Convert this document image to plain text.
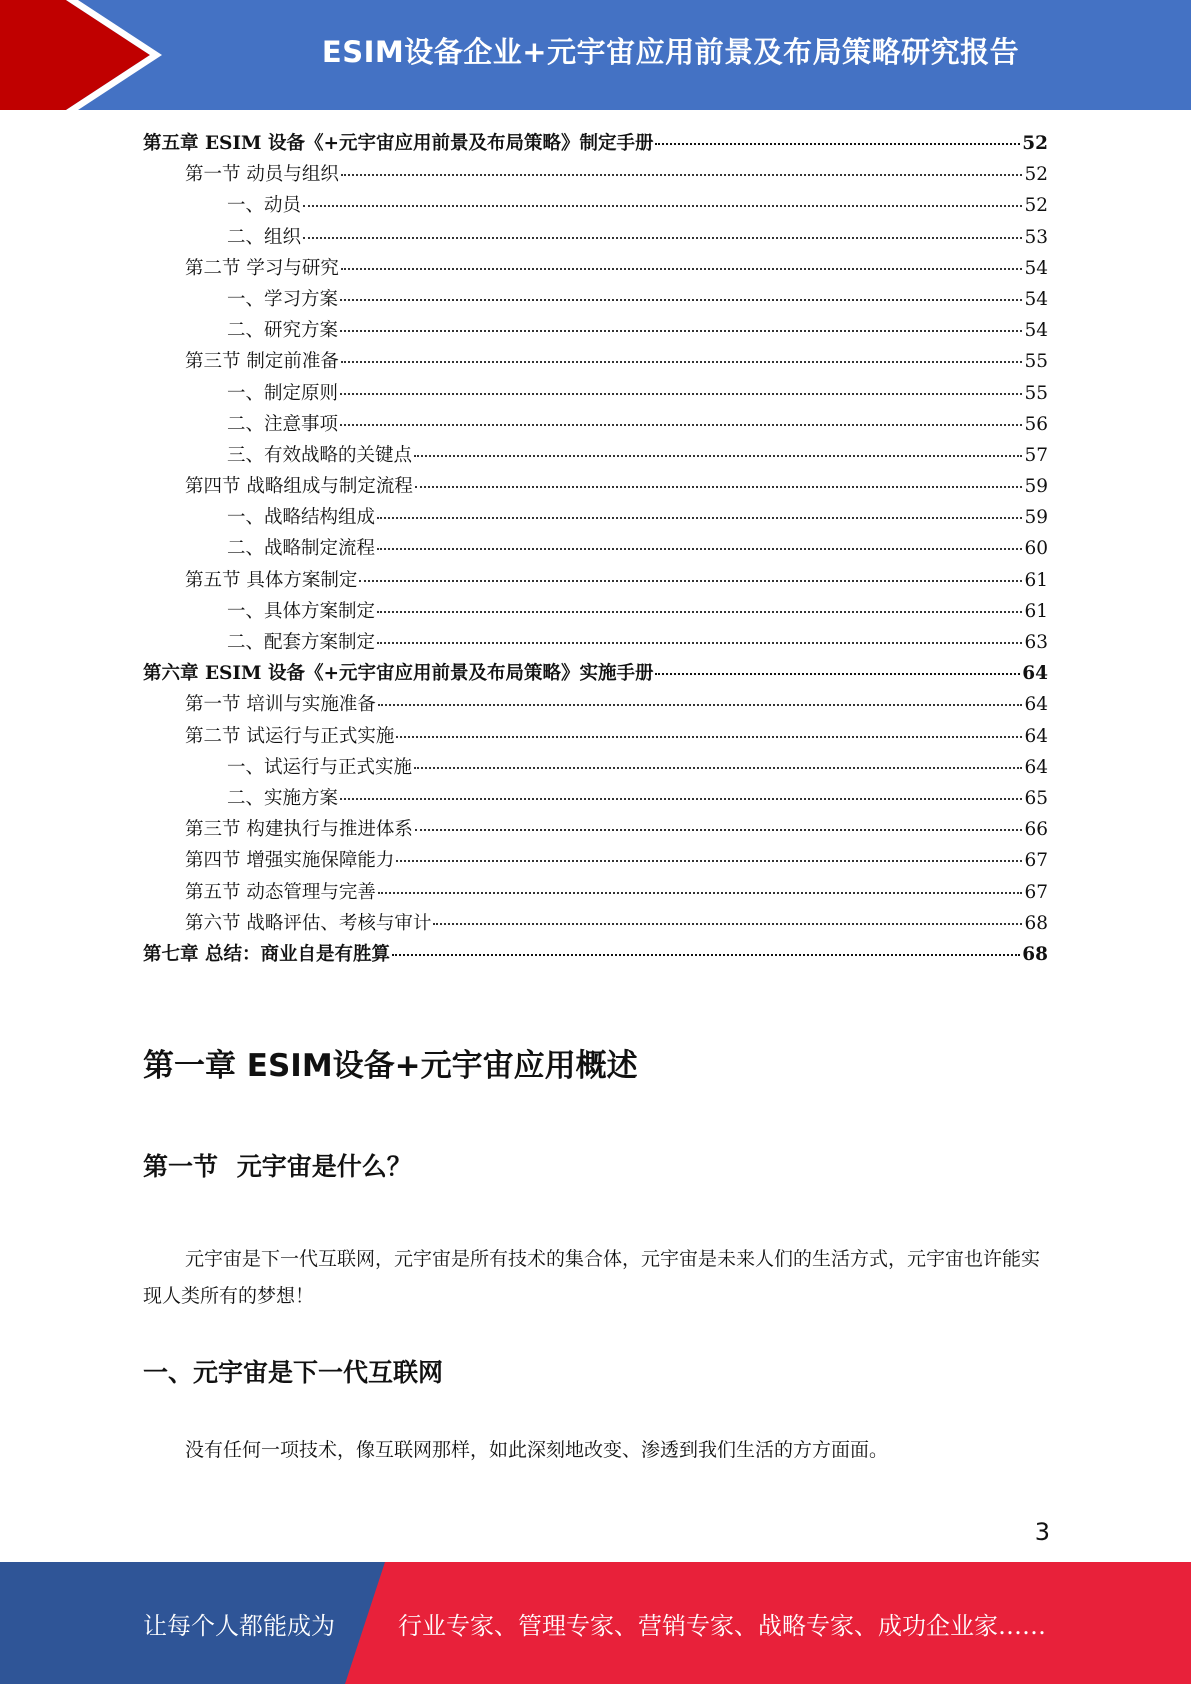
ESIM设备企业+元宇宙应用前景及布局策略研究报告
第五章 ESIM 设备《+元宇宙应用前景及布局策略》制定手册	52
第一节 动员与组织	52
一、动员	52
二、组织	53
第二节 学习与研究	54
一、学习方案	54
二、研究方案	54
第三节 制定前准备	55
一、制定原则	55
二、注意事项	56
三、有效战略的关键点	57
第四节 战略组成与制定流程	59
一、战略结构组成	59
二、战略制定流程	60
第五节 具体方案制定	61
一、具体方案制定	61
二、配套方案制定	63
第六章 ESIM 设备《+元宇宙应用前景及布局策略》实施手册	64
第一节 培训与实施准备	64
第二节 试运行与正式实施	64
一、试运行与正式实施	64
二、实施方案	65
第三节 构建执行与推进体系	66
第四节 增强实施保障能力	67
第五节 动态管理与完善	67
第六节 战略评估、考核与审计	68
第七章 总结：商业自是有胜算	68
第一章 ESIM设备+元宇宙应用概述
第一节 元宇宙是什么？
元宇宙是下一代互联网，元宇宙是所有技术的集合体，元宇宙是未来人们的生活方式，元宇宙也许能实现人类所有的梦想！
一、元宇宙是下一代互联网
没有任何一项技术，像互联网那样，如此深刻地改变、渗透到我们生活的方方面面。
3
让每个人都能成为	行业专家、管理专家、营销专家、战略专家、成功企业家……
